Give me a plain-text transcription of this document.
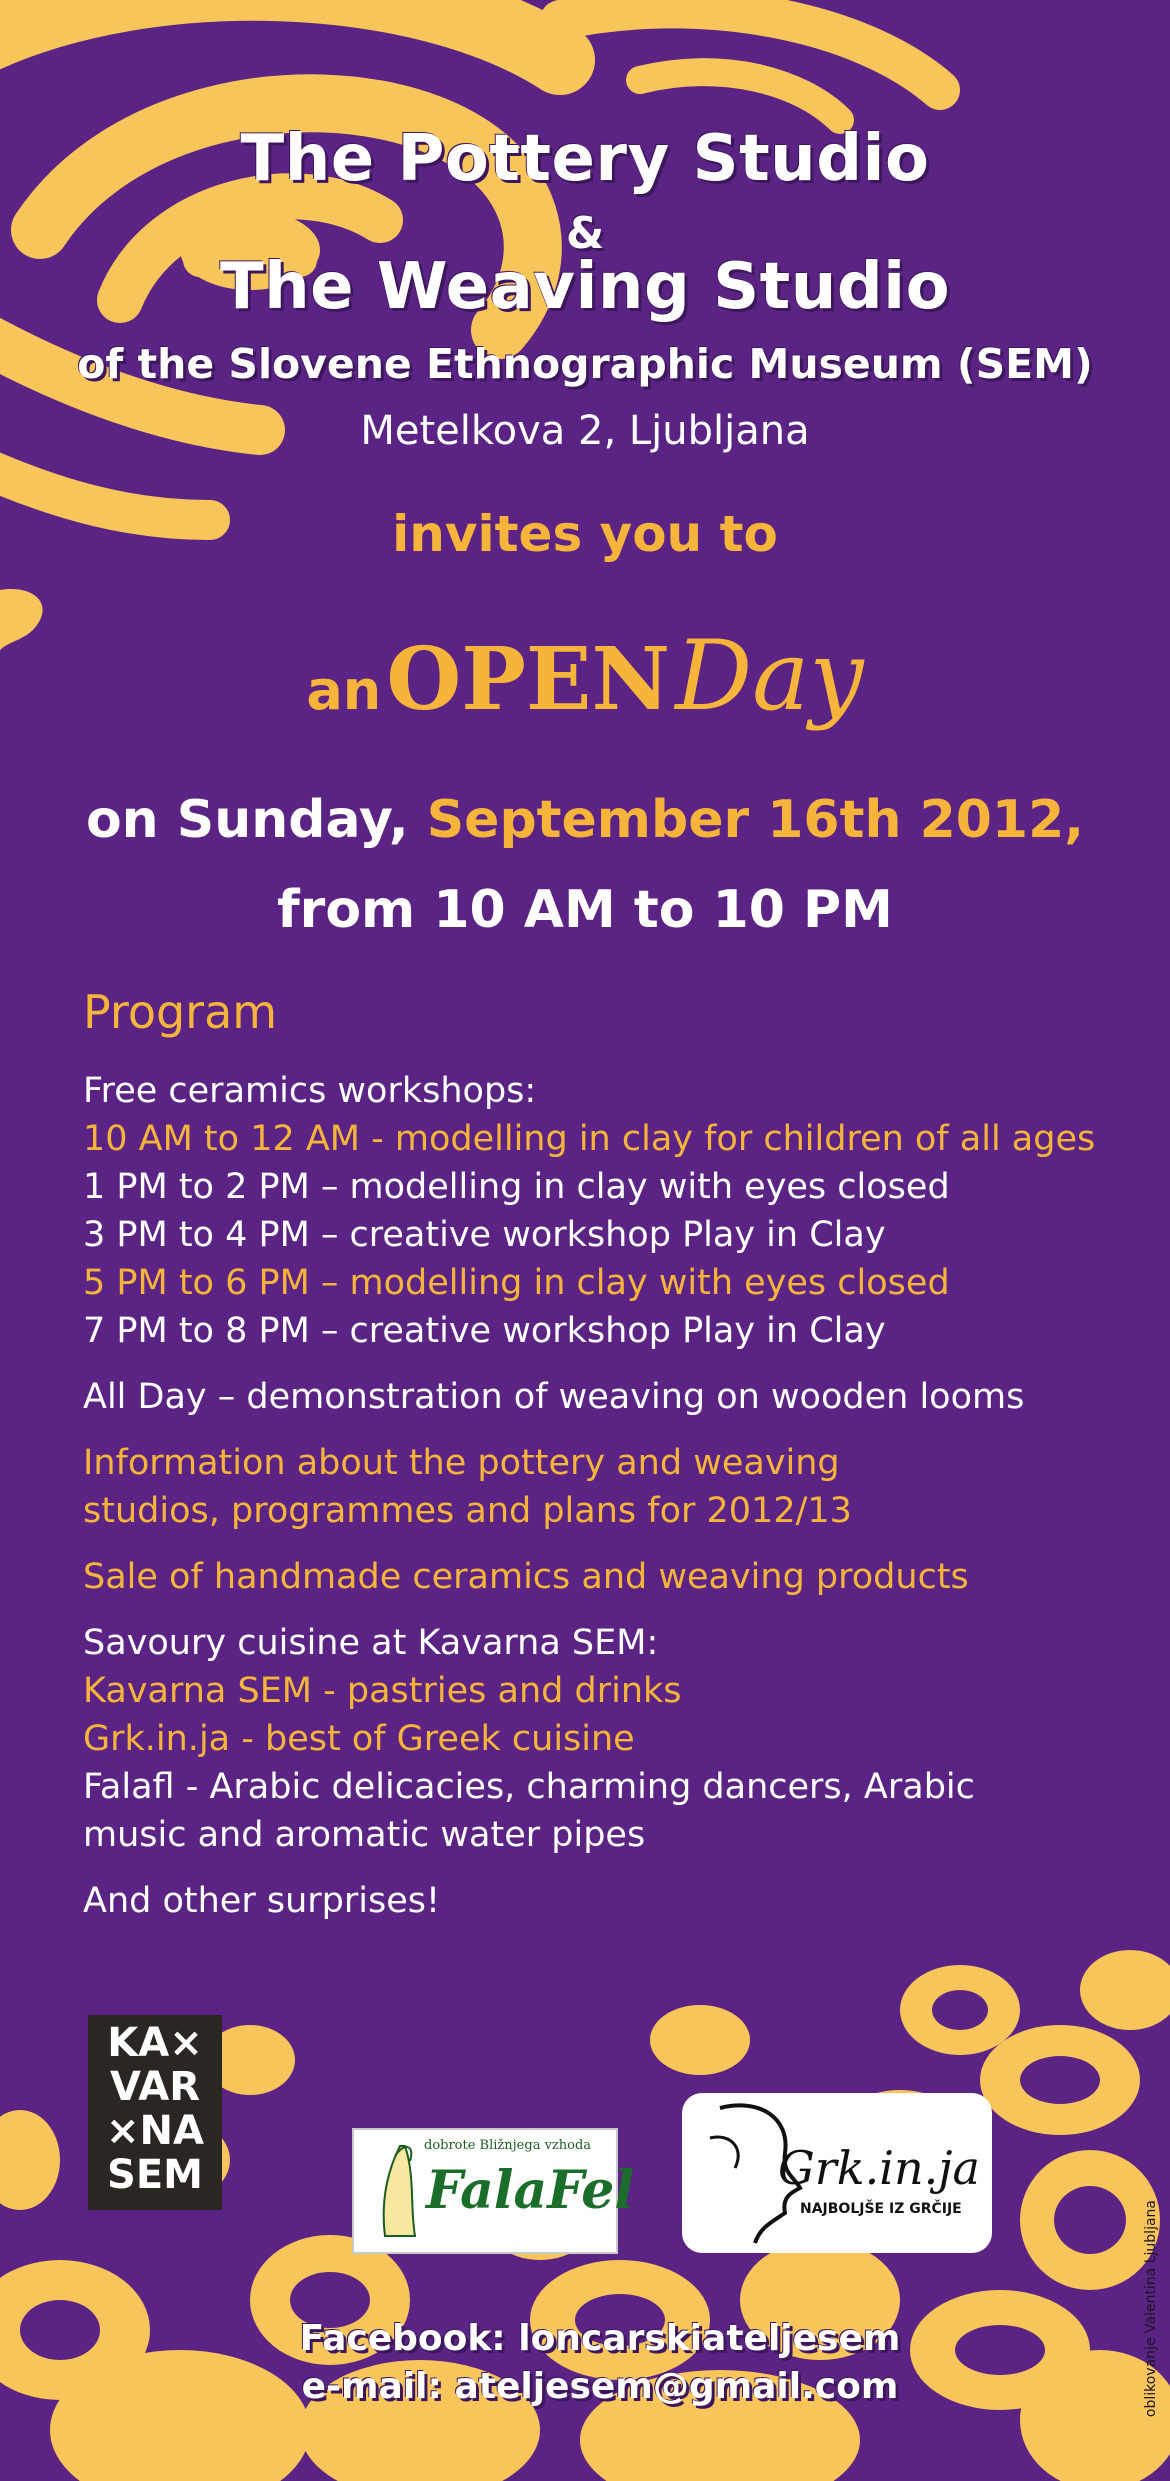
The Pottery Studio
&
The Weaving Studio
of the Slovene Ethnographic Museum (SEM)
Metelkova 2, Ljubljana
invites you to
an OPEN Day
on Sunday, September 16th 2012,
from 10 AM to 10 PM
Program
Free ceramics workshops:
10 AM to 12 AM - modelling in clay for children of all ages
1 PM to 2 PM – modelling in clay with eyes closed
3 PM to 4 PM – creative workshop Play in Clay
5 PM to 6 PM – modelling in clay with eyes closed
7 PM to 8 PM – creative workshop Play in Clay
All Day – demonstration of weaving on wooden looms
Information about the pottery and weaving
studios, programmes and plans for 2012/13
Sale of handmade ceramics and weaving products
Savoury cuisine at Kavarna SEM:
Kavarna SEM - pastries and drinks
Grk.in.ja - best of Greek cuisine
Falafl - Arabic delicacies, charming dancers, Arabic
music and aromatic water pipes
And other surprises!
KA×
VAR
×NA
SEM
dobrote Bližnjega vzhoda
FalaFel	Grk.in.ja
NAJBOLJŠE IZ GRČIJE
Facebook: loncarskiateljesem
e-mail: ateljesem@gmail.com	oblikovanje Valentina Ljubljana
